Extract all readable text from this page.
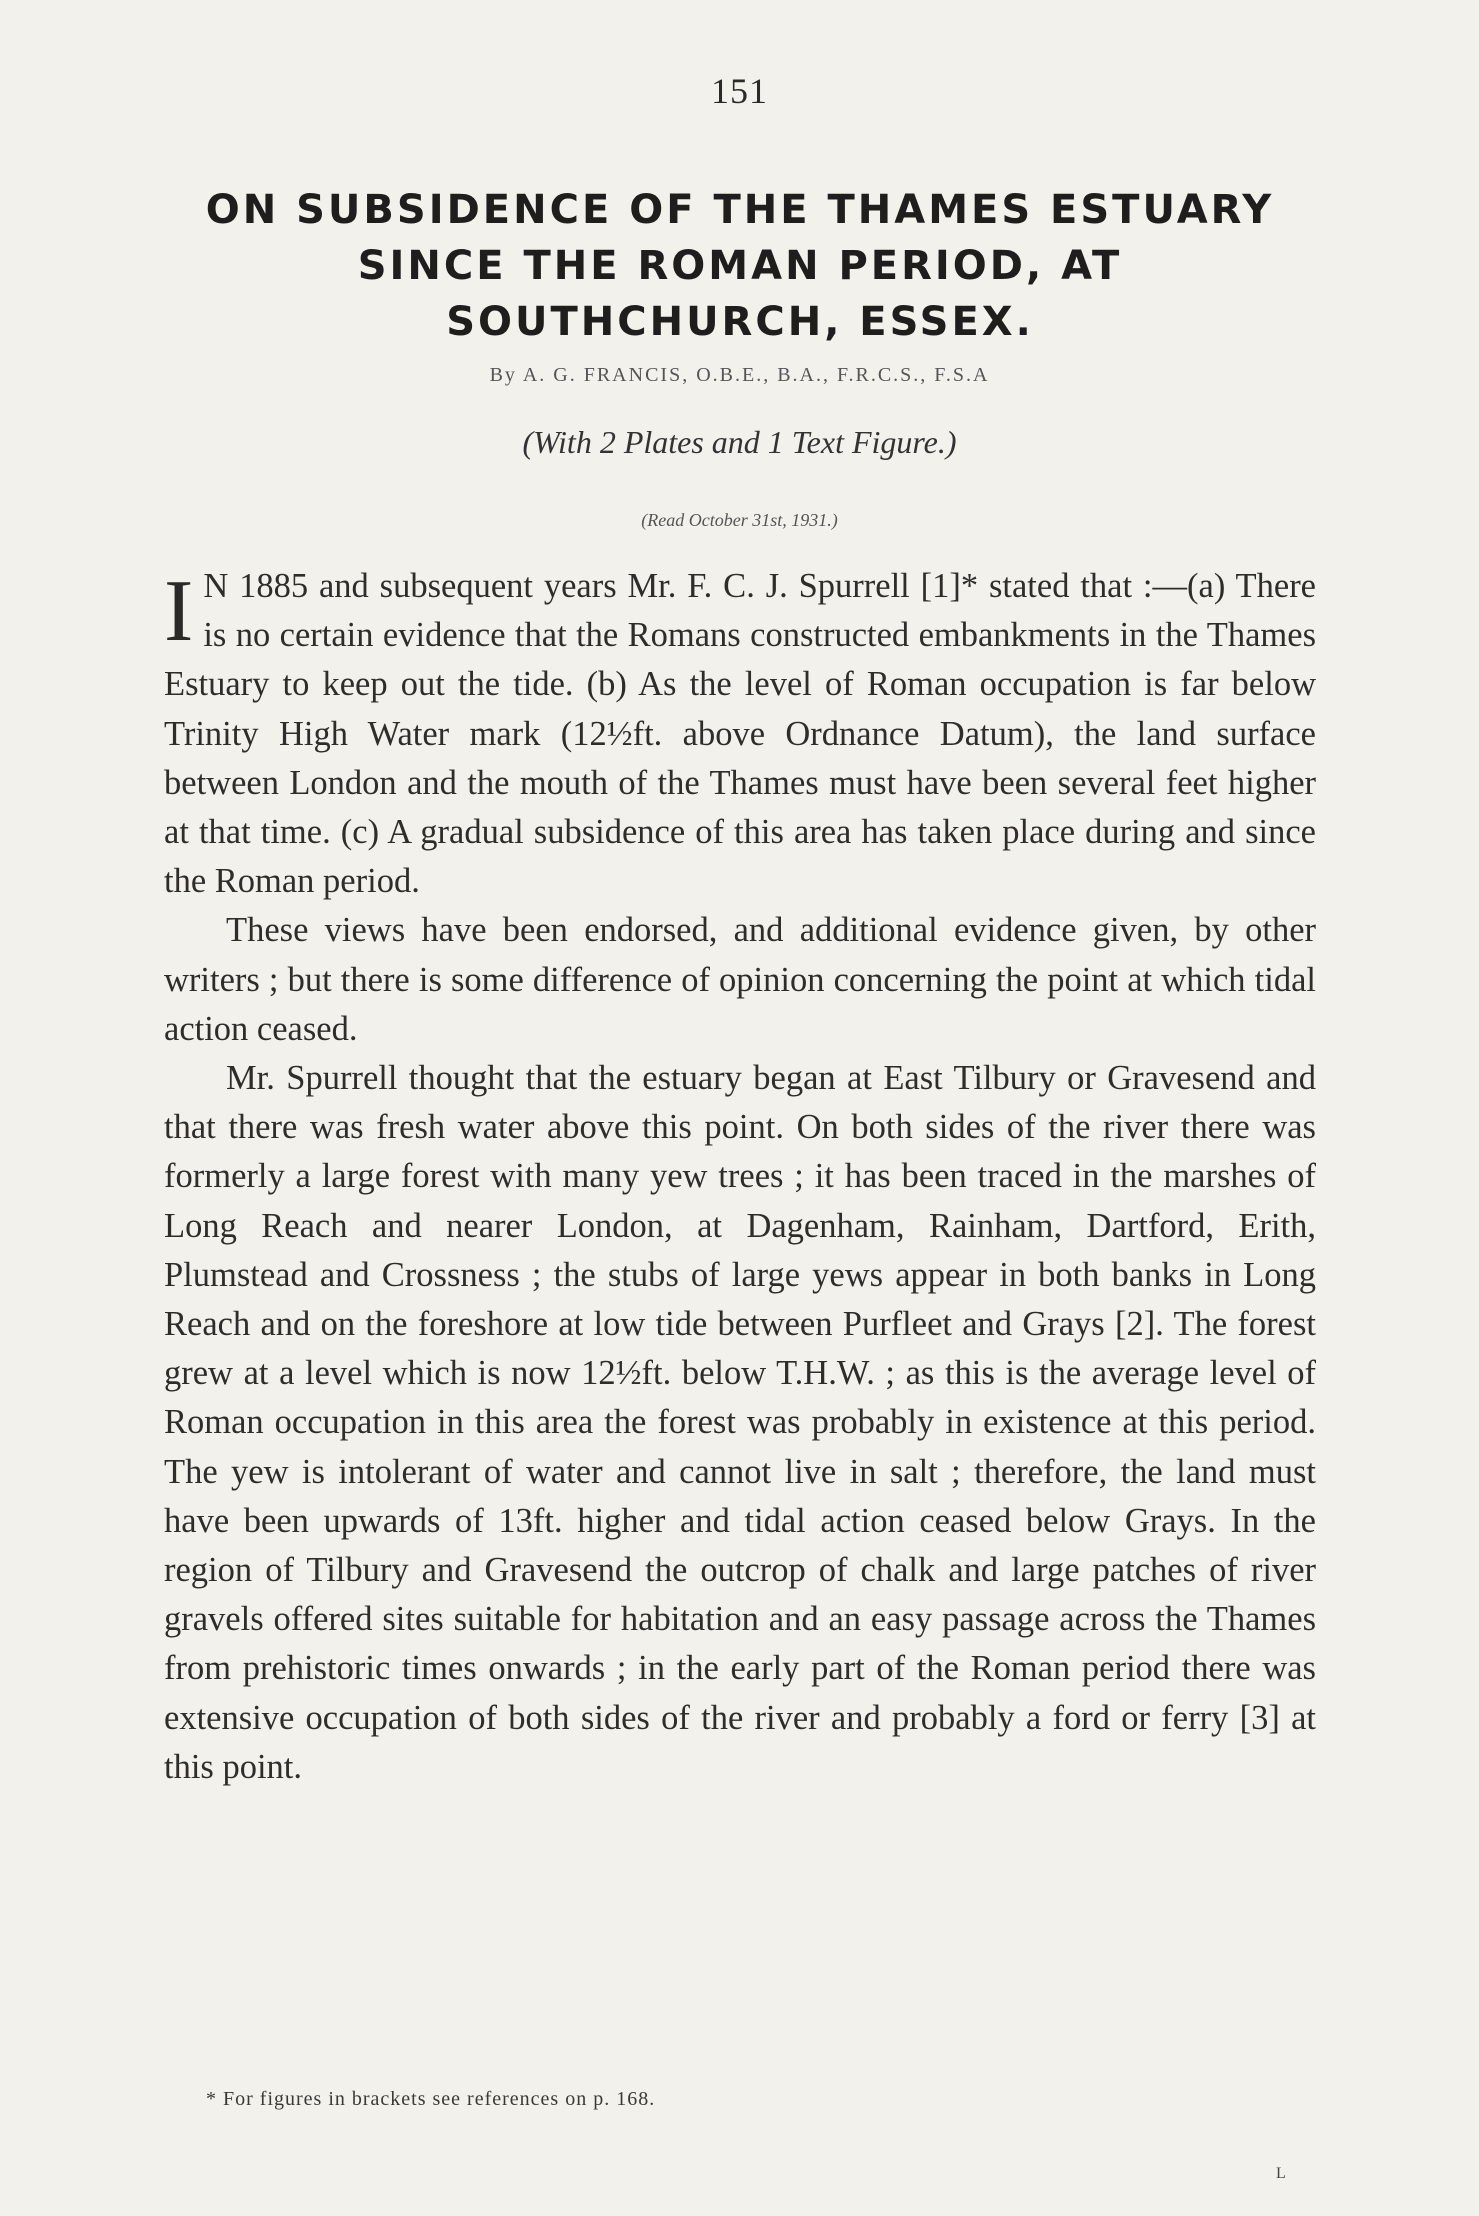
151
ON SUBSIDENCE OF THE THAMES ESTUARY
SINCE THE ROMAN PERIOD, AT
SOUTHCHURCH, ESSEX.
By A. G. FRANCIS, O.B.E., B.A., F.R.C.S., F.S.A
(With 2 Plates and 1 Text Figure.)
(Read October 31st, 1931.)

I N 1885 and subsequent years Mr. F. C. J. Spurrell [1]* stated that :—(a) There is no certain evidence that the Romans constructed embankments in the Thames Estuary to keep out the tide. (b) As the level of Roman occupation is far below Trinity High Water mark (12½ft. above Ordnance Datum), the land surface between London and the mouth of the Thames must have been several feet higher at that time. (c) A gradual subsidence of this area has taken place during and since the Roman period.

These views have been endorsed, and additional evidence given, by other writers ; but there is some difference of opinion concerning the point at which tidal action ceased.

Mr. Spurrell thought that the estuary began at East Tilbury or Gravesend and that there was fresh water above this point. On both sides of the river there was formerly a large forest with many yew trees ; it has been traced in the marshes of Long Reach and nearer London, at Dagenham, Rainham, Dartford, Erith, Plumstead and Crossness ; the stubs of large yews appear in both banks in Long Reach and on the foreshore at low tide between Purfleet and Grays [2]. The forest grew at a level which is now 12½ft. below T.H.W. ; as this is the average level of Roman occupation in this area the forest was probably in existence at this period. The yew is intolerant of water and cannot live in salt ; therefore, the land must have been upwards of 13ft. higher and tidal action ceased below Grays. In the region of Tilbury and Gravesend the outcrop of chalk and large patches of river gravels offered sites suitable for habitation and an easy passage across the Thames from prehistoric times onwards ; in the early part of the Roman period there was extensive occupation of both sides of the river and probably a ford or ferry [3] at this point.

* For figures in brackets see references on p. 168.
L
